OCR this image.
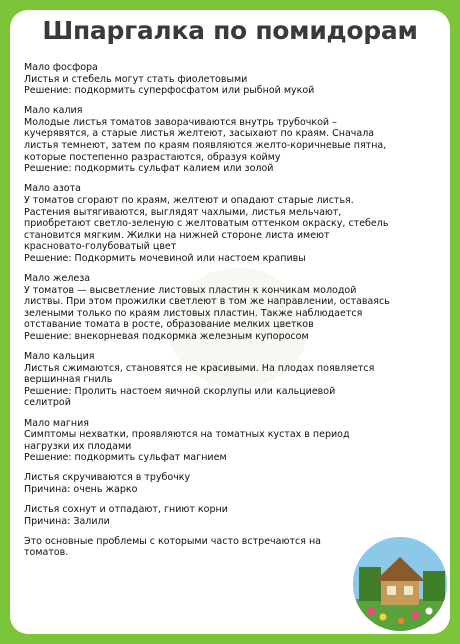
Шпаргалка по помидорам

Мало фосфора

Листья и стебель могут стать фиолетовыми

Решение: подкормить суперфосфатом или рыбной мукой

Мало калия

Молодые листья томатов заворачиваются внутрь трубочкой –

кучерявятся, а старые листья желтеют, засыхают по краям. Сначала

листья темнеют, затем по краям появляются желто-коричневые пятна,

которые постепенно разрастаются, образуя койму

Решение: подкормить сульфат калием или золой

Мало азота

У томатов сгорают по краям, желтеют и опадают старые листья.

Растения вытягиваются, выглядят чахлыми, листья мельчают,

приобретают светло-зеленую с желтоватым оттенком окраску, стебель

становится мягким. Жилки на нижней стороне листа имеют

красновато-голубоватый цвет

Решение: Подкормить мочевиной или настоем крапивы

Мало железа

У томатов — высветление листовых пластин к кончикам молодой

листвы. При этом прожилки светлеют в том же направлении, оставаясь

зелеными только по краям листовых пластин. Также наблюдается

отставание томата в росте, образование мелких цветков

Решение: внекорневая подкормка железным купоросом

Мало кальция

Листья сжимаются, становятся не красивыми. На плодах появляется

вершинная гниль

Решение: Пролить настоем яичной скорлупы или кальциевой

селитрой

Мало магния

Симптомы нехватки, проявляются на томатных кустах в период

нагрузки их плодами

Решение: подкормить сульфат магнием

Листья скручиваются в трубочку

Причина: очень жарко

Листья сохнут и отпадают, гниют корни

Причина: Залили

Это основные проблемы с которыми часто встречаются на

томатов.
